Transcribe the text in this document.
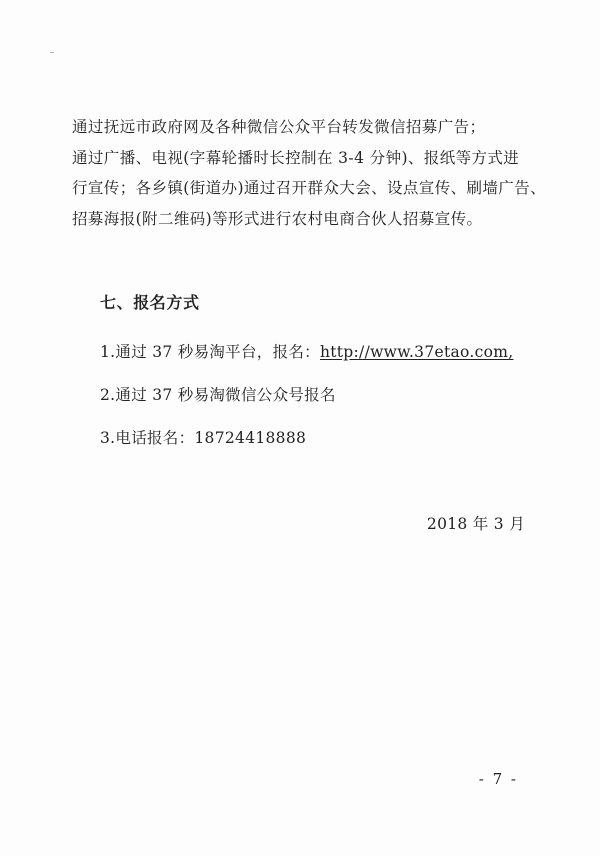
通过抚远市政府网及各种微信公众平台转发微信招募广告；
通过广播、电视(字幕轮播时长控制在 3-4 分钟)、报纸等方式进
行宣传；各乡镇(街道办)通过召开群众大会、设点宣传、刷墙广告、
招募海报(附二维码)等形式进行农村电商合伙人招募宣传。

七、报名方式

1.通过 37 秒易淘平台，报名：http://www.37etao.com,

2.通过 37 秒易淘微信公众号报名

3.电话报名：18724418888

2018 年 3 月

- 7 -
